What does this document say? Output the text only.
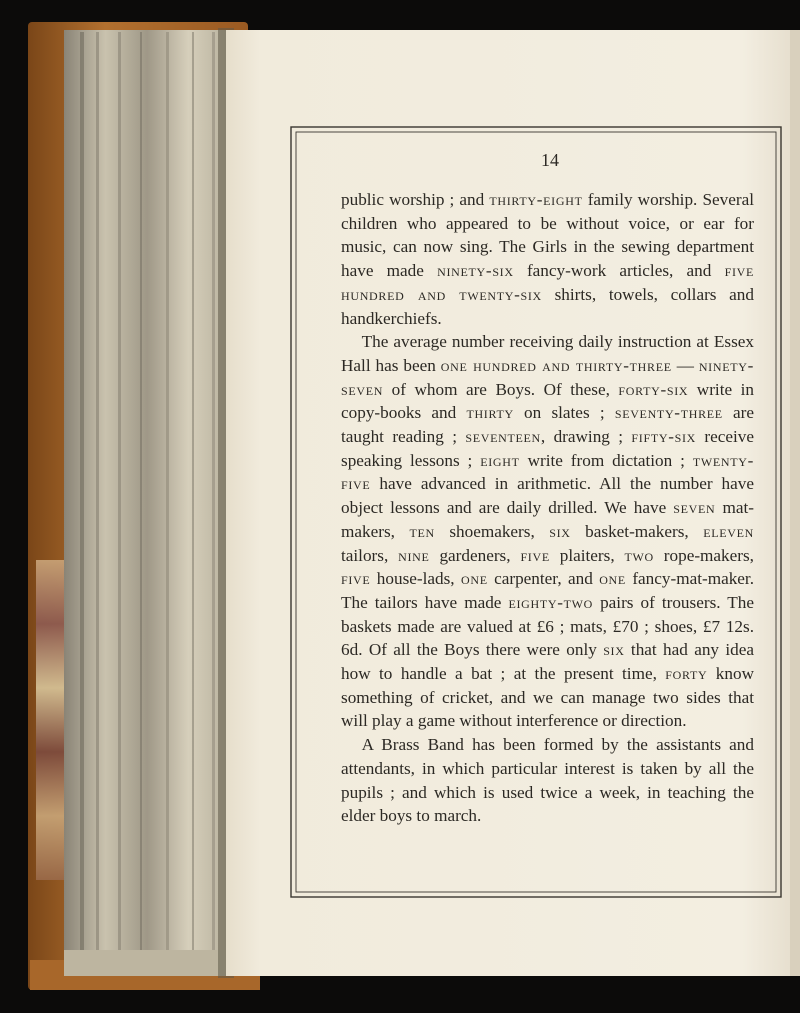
14

public worship ; and thirty-eight family worship. Several children who appeared to be without voice, or ear for music, can now sing. The Girls in the sewing department have made ninety-six fancy-work articles, and five hundred and twenty-six shirts, towels, collars and handkerchiefs.

The average number receiving daily instruction at Essex Hall has been one hundred and thirty-three — ninety-seven of whom are Boys. Of these, forty-six write in copy-books and thirty on slates ; seventy-three are taught reading ; seventeen, drawing ; fifty-six receive speaking lessons ; eight write from dictation ; twenty-five have advanced in arithmetic. All the number have object lessons and are daily drilled. We have seven mat-makers, ten shoemakers, six basket-makers, eleven tailors, nine gardeners, five plaiters, two rope-makers, five house-lads, one carpenter, and one fancy-mat-maker. The tailors have made eighty-two pairs of trousers. The baskets made are valued at £6 ; mats, £70 ; shoes, £7 12s. 6d. Of all the Boys there were only six that had any idea how to handle a bat ; at the present time, forty know something of cricket, and we can manage two sides that will play a game without interference or direction.

A Brass Band has been formed by the assistants and attendants, in which particular interest is taken by all the pupils ; and which is used twice a week, in teaching the elder boys to march.
